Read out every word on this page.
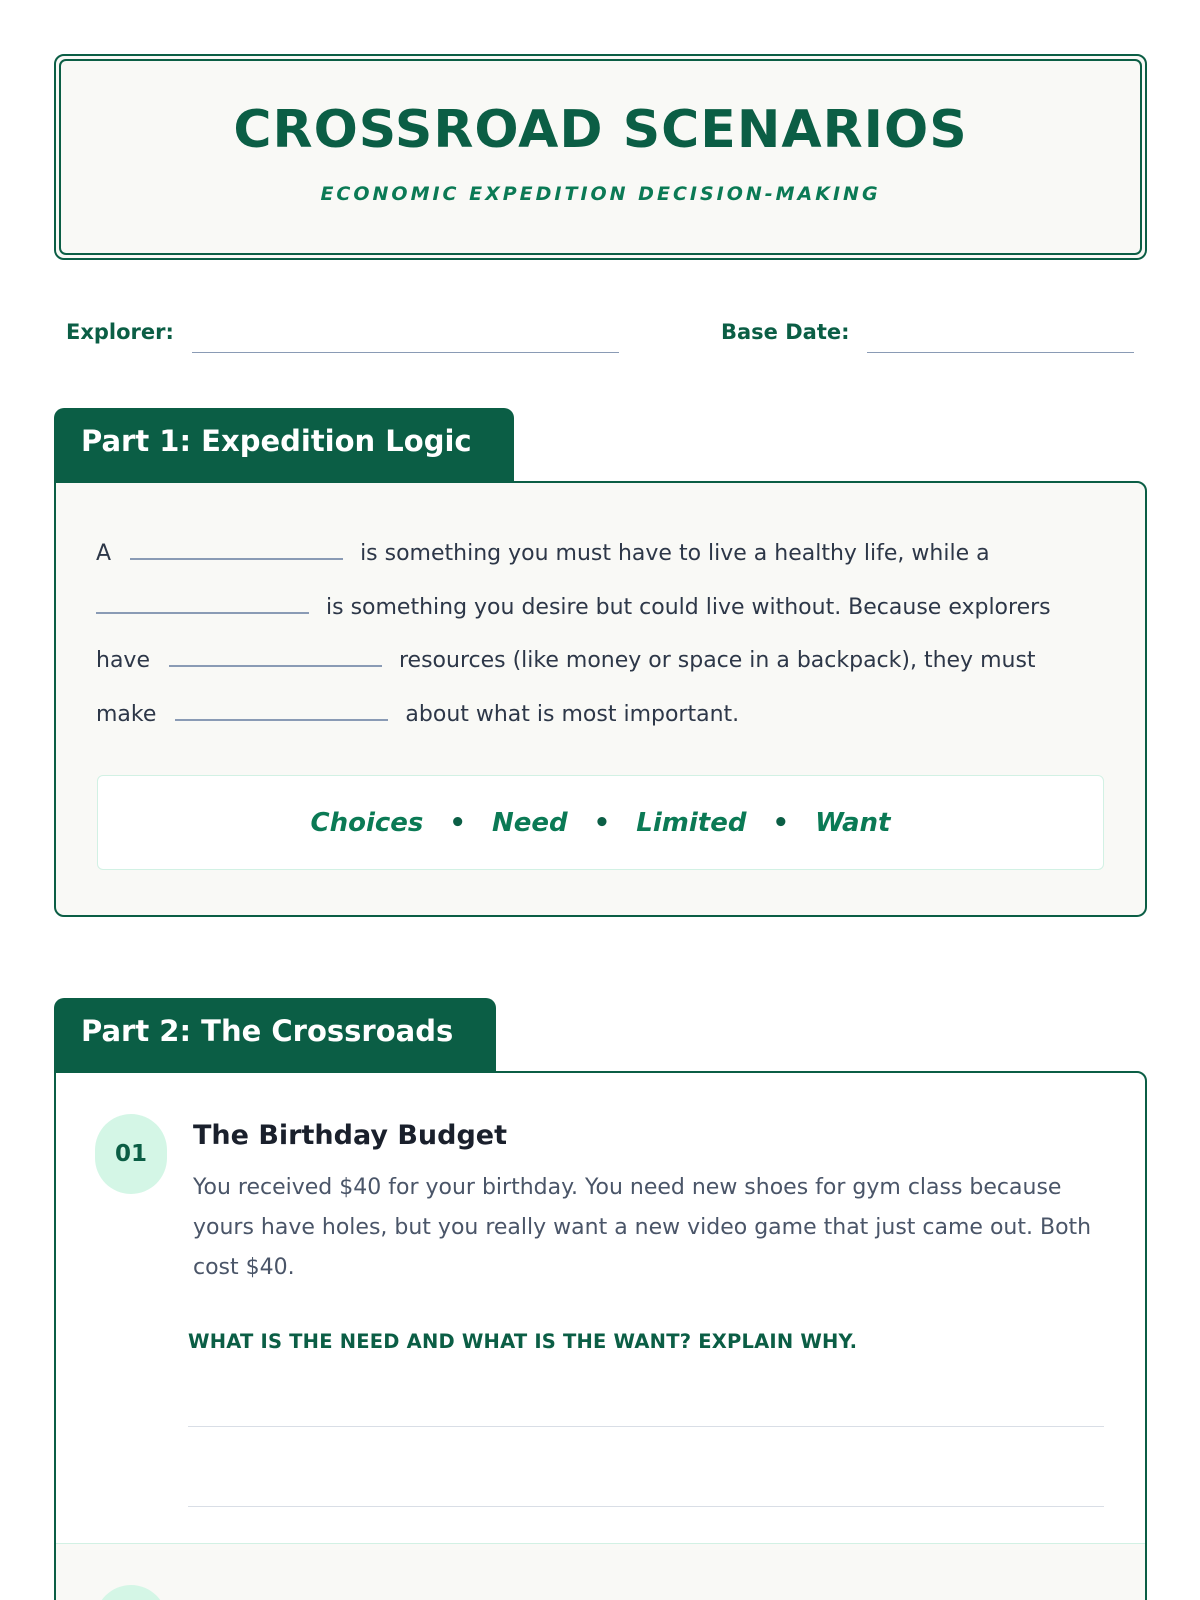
CROSSROAD SCENARIOS
ECONOMIC EXPEDITION DECISION-MAKING
Explorer:	Base Date:
Part 1: Expedition Logic
A	is something you must have to live a healthy life, while a  is something you desire but could live without. Because explorers have	resources (like money or space in a backpack), they must make	about what is most important.
Choices • Need • Limited • Want
Part 2: The Crossroads
01
The Birthday Budget
You received $40 for your birthday. You need new shoes for gym class because yours have holes, but you really want a new video game that just came out. Both cost $40.
WHAT IS THE NEED AND WHAT IS THE WANT? EXPLAIN WHY.
